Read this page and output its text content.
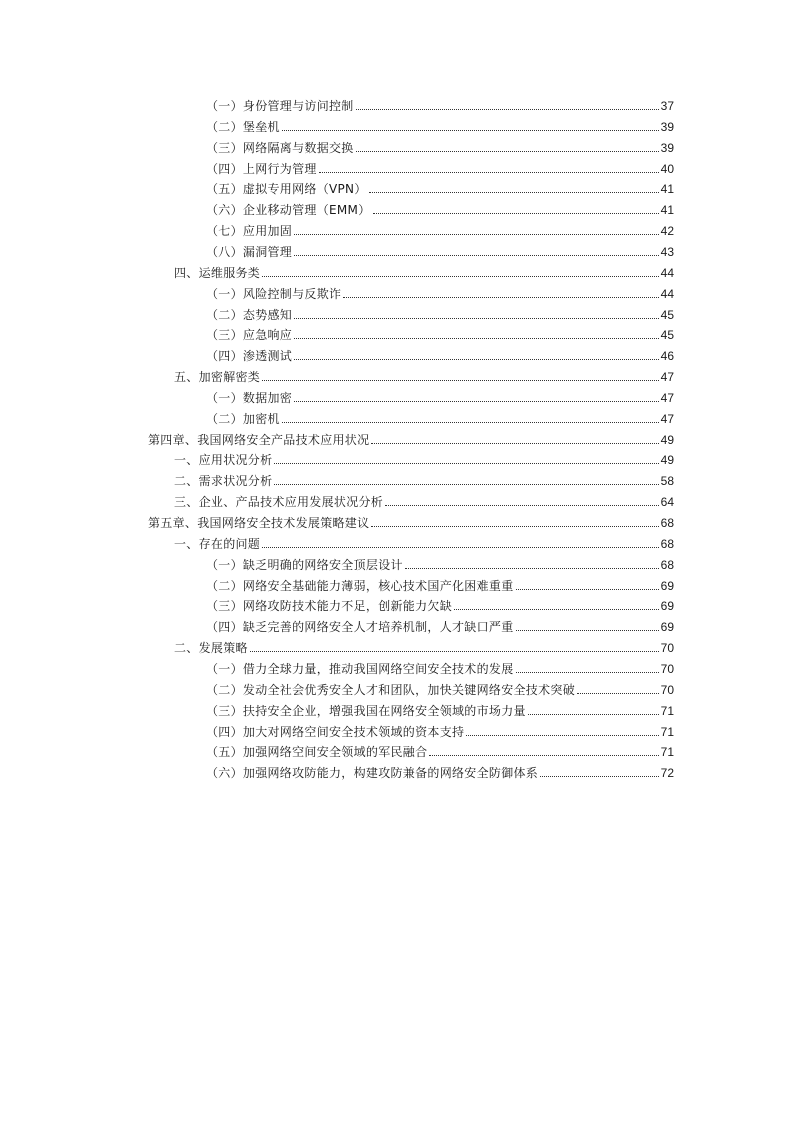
（一）身份管理与访问控制	37
（二）堡垒机	39
（三）网络隔离与数据交换	39
（四）上网行为管理	40
（五）虚拟专用网络（VPN）	41
（六）企业移动管理（EMM）	41
（七）应用加固	42
（八）漏洞管理	43
四、运维服务类	44
（一）风险控制与反欺诈	44
（二）态势感知	45
（三）应急响应	45
（四）渗透测试	46
五、加密解密类	47
（一）数据加密	47
（二）加密机	47
第四章、我国网络安全产品技术应用状况	49
一、应用状况分析	49
二、需求状况分析	58
三、企业、产品技术应用发展状况分析	64
第五章、我国网络安全技术发展策略建议	68
一、存在的问题	68
（一）缺乏明确的网络安全顶层设计	68
（二）网络安全基础能力薄弱，核心技术国产化困难重重	69
（三）网络攻防技术能力不足，创新能力欠缺	69
（四）缺乏完善的网络安全人才培养机制，人才缺口严重	69
二、发展策略	70
（一）借力全球力量，推动我国网络空间安全技术的发展	70
（二）发动全社会优秀安全人才和团队，加快关键网络安全技术突破	70
（三）扶持安全企业，增强我国在网络安全领域的市场力量	71
（四）加大对网络空间安全技术领域的资本支持	71
（五）加强网络空间安全领域的军民融合	71
（六）加强网络攻防能力，构建攻防兼备的网络安全防御体系	72
